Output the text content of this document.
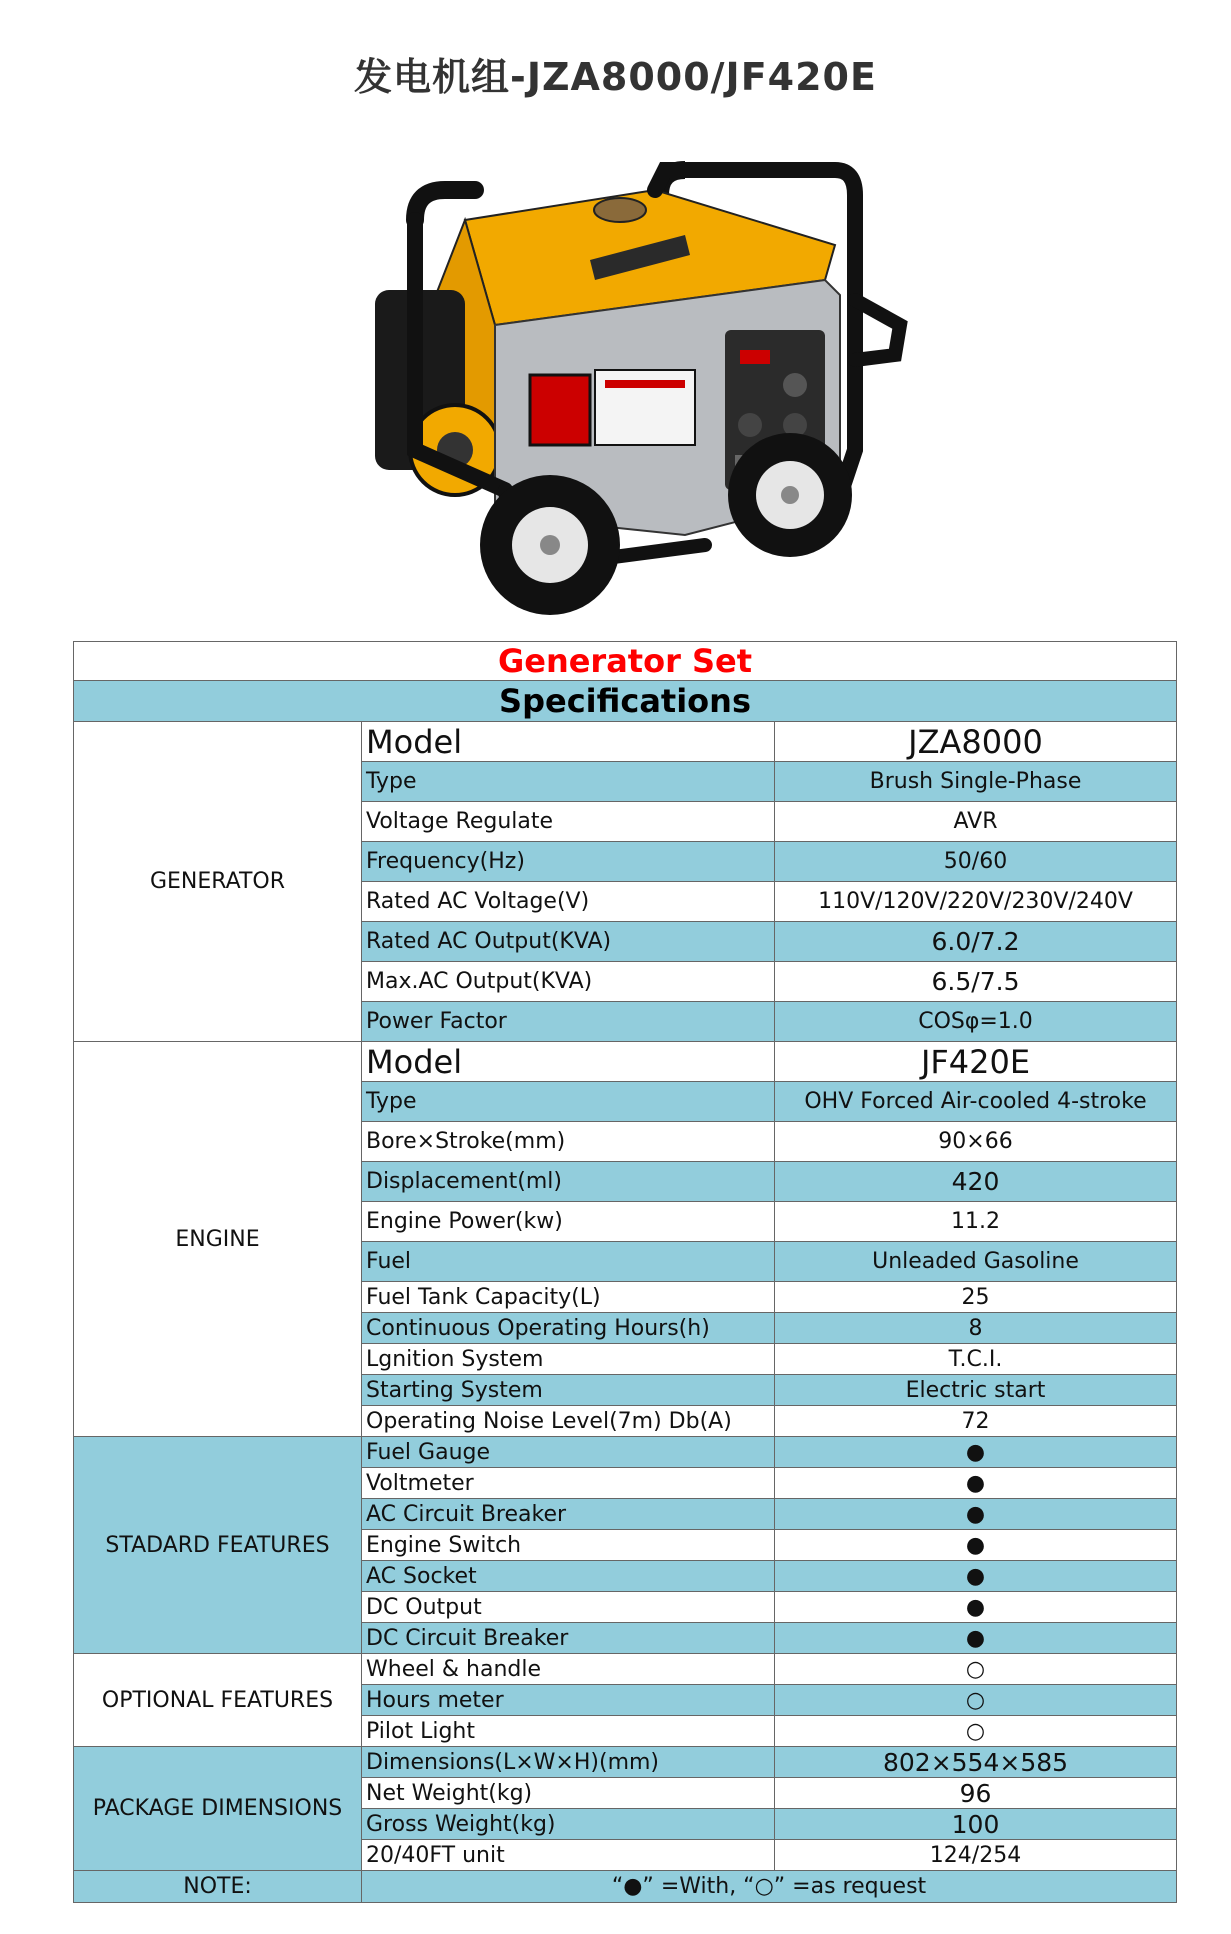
发电机组-JZA8000/JF420E
Generator Set		
Specifications		
GENERATOR	Model	JZA8000
	Type	Brush Single-Phase
	Voltage Regulate	AVR
	Frequency(Hz)	50/60
	Rated AC Voltage(V)	110V/120V/220V/230V/240V
	Rated AC Output(KVA)	6.0/7.2
	Max.AC Output(KVA)	6.5/7.5
	Power Factor	COSφ=1.0
ENGINE	Model	JF420E
	Type	OHV Forced Air-cooled 4-stroke
	Bore×Stroke(mm)	90×66
	Displacement(ml)	420
	Engine Power(kw)	11.2
	Fuel	Unleaded Gasoline
	Fuel Tank Capacity(L)	25
	Continuous Operating Hours(h)	8
	Lgnition System	T.C.I.
	Starting System	Electric start
	Operating Noise Level(7m) Db(A)	72
STADARD FEATURES	Fuel Gauge	●
	Voltmeter	●
	AC Circuit Breaker	●
	Engine Switch	●
	AC Socket	●
	DC Output	●
	DC Circuit Breaker	●
OPTIONAL FEATURES	Wheel & handle	○
	Hours meter	○
	Pilot Light	○
PACKAGE DIMENSIONS	Dimensions(L×W×H)(mm)	802×554×585
	Net Weight(kg)	96
	Gross Weight(kg)	100
	20/40FT unit	124/254
NOTE:	“●” =With, “○” =as request	
